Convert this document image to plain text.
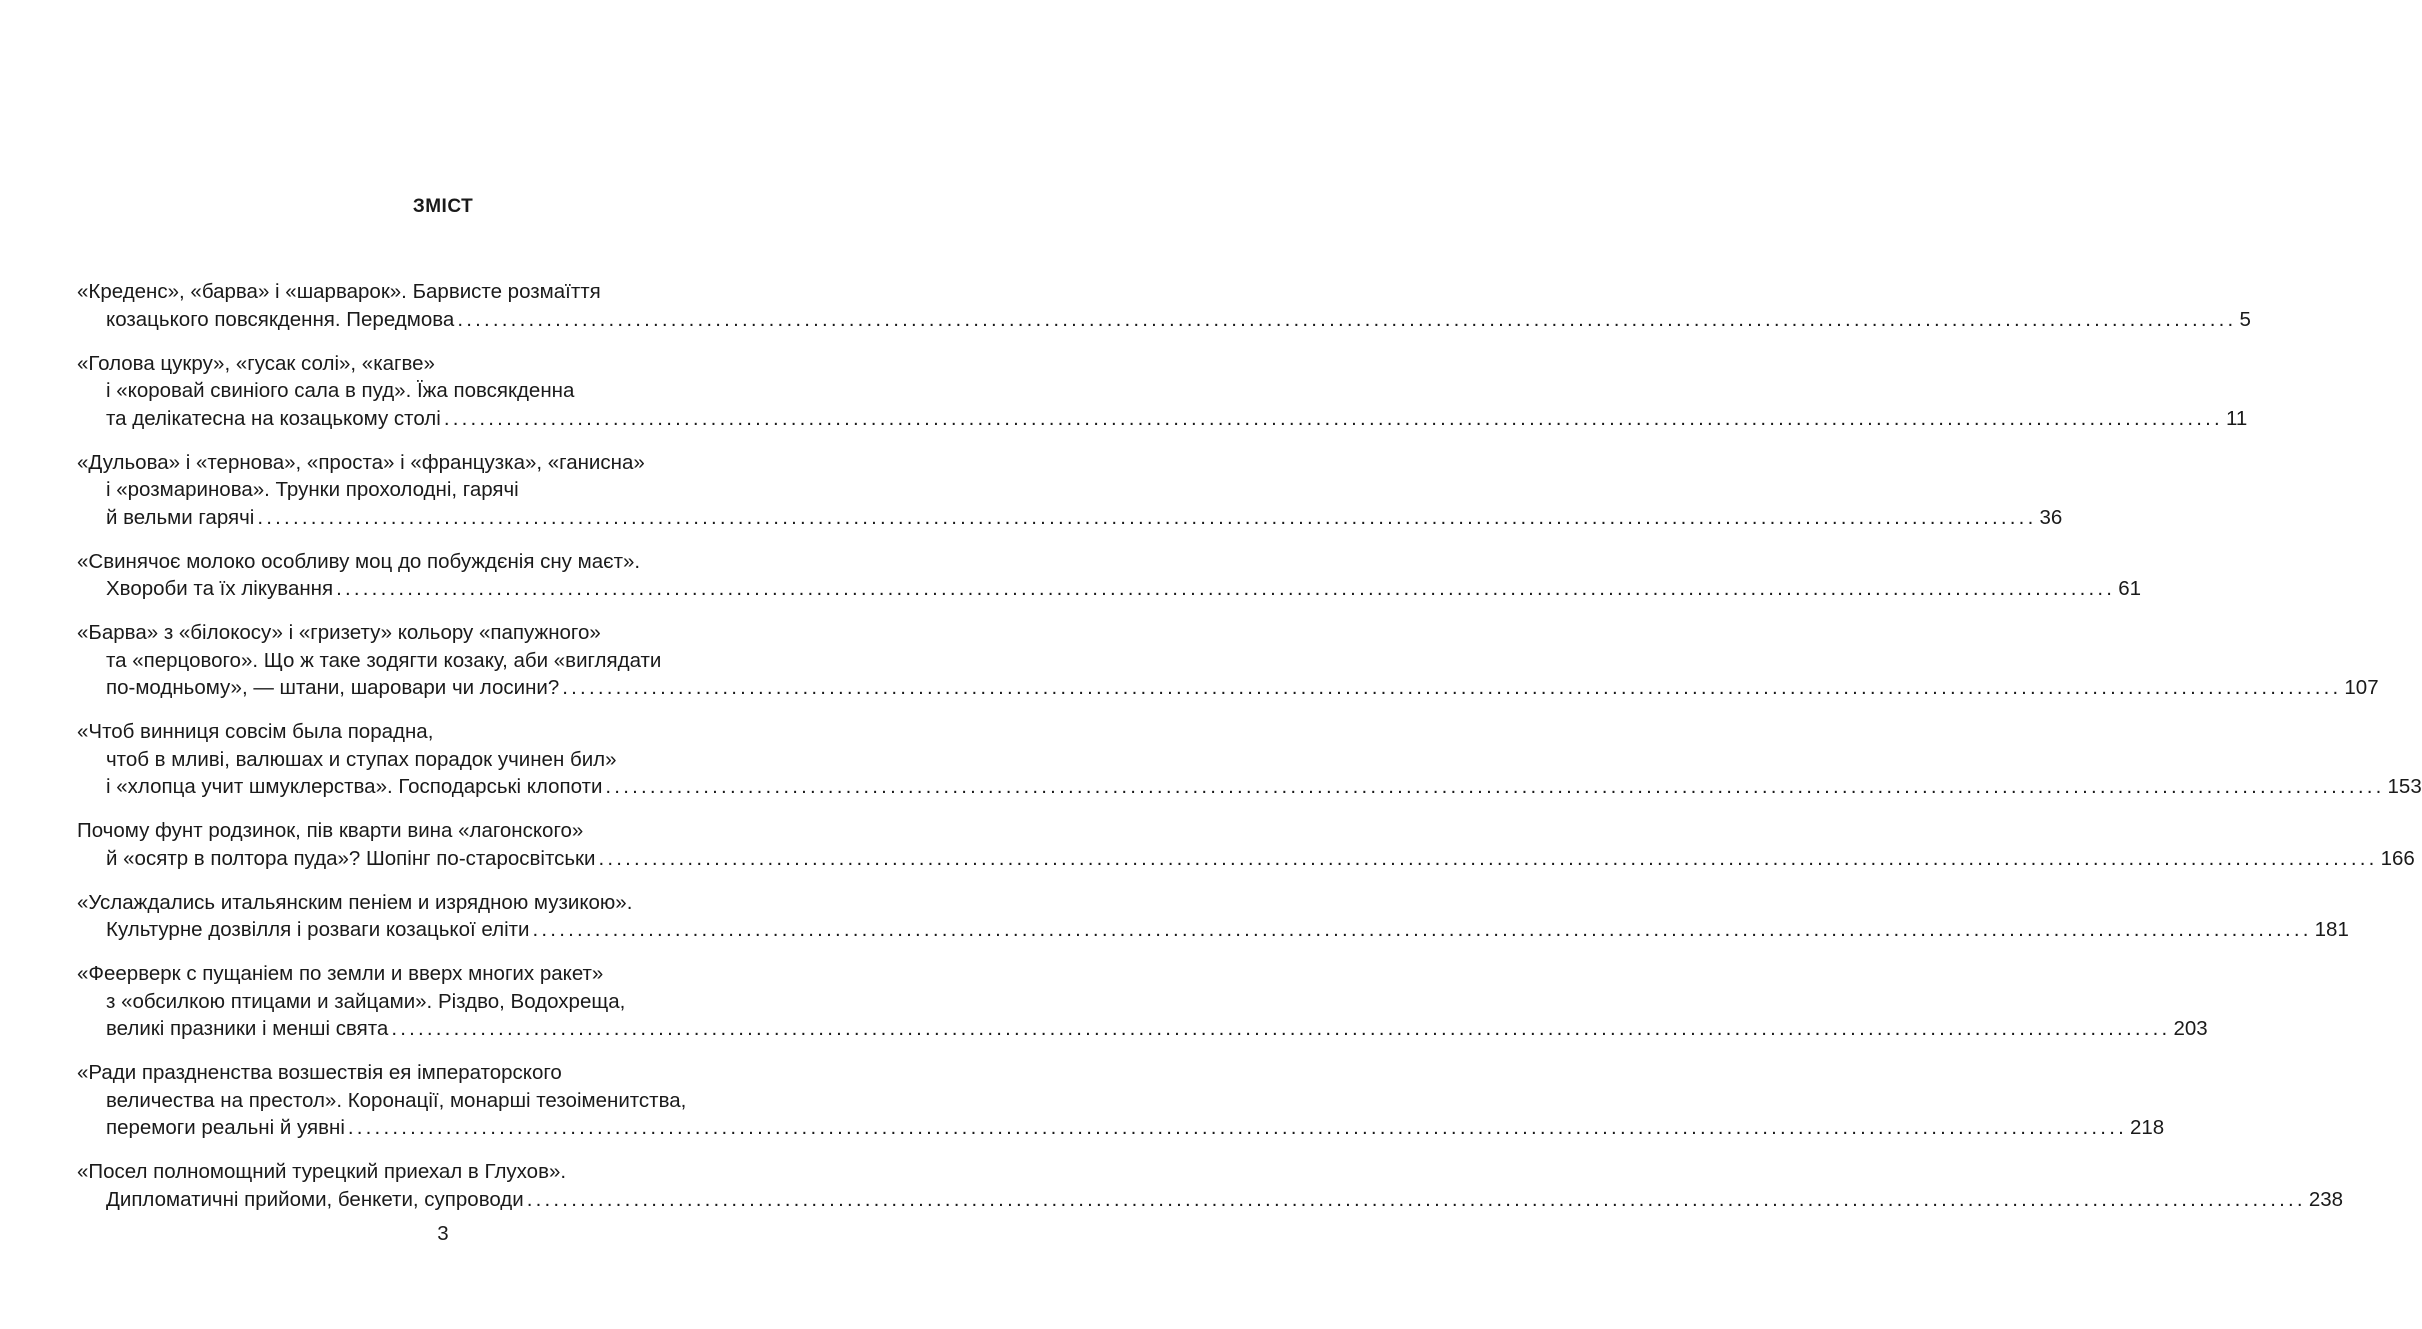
ЗМІСТ
«Креденс», «барва» і «шарварок». Барвисте розмаїття
козацького повсякдення. Передмова ........................................................................................................................................................................................................ 5
«Голова цукру», «гусак солі», «кагве»
і «коровай свиніого сала в пуд». Їжа повсякденна
та делікатесна на козацькому столі ........................................................................................................................................................................................................ 11
«Дульова» і «тернова», «проста» і «французка», «ганисна»
і «розмаринова». Трунки прохолодні, гарячі
й вельми гарячі ........................................................................................................................................................................................................ 36
«Свинячоє молоко особливу моц до побуждєнія сну маєт».
Хвороби та їх лікування ........................................................................................................................................................................................................ 61
«Барва» з «білокосу» і «гризету» кольору «папужного»
та «перцового». Що ж таке зодягти козаку, аби «виглядати
по-модньому», — штани, шаровари чи лосини? ........................................................................................................................................................................................................ 107
«Чтоб винниця совсім была порадна,
чтоб в мливі, валюшах и ступах порадок учинен бил»
і «хлопца учит шмуклерства». Господарські клопоти ........................................................................................................................................................................................................ 153
Почому фунт родзинок, пів кварти вина «лагонского»
й «осятр в полтора пуда»? Шопінг по-старосвітськи ........................................................................................................................................................................................................ 166
«Услаждались итальянским пеніем и изрядною музикою».
Культурне дозвілля і розваги козацької еліти ........................................................................................................................................................................................................ 181
«Феерверк с пущаніем по земли и вверх многих ракет»
з «обсилкою птицами и зайцами». Різдво, Водохреща,
великі празники і менші свята ........................................................................................................................................................................................................ 203
«Ради праздненства возшествія ея імператорского
величества на престол». Коронації, монарші тезоіменитства,
перемоги реальні й уявні ........................................................................................................................................................................................................ 218
«Посел полномощний турецкий приехал в Глухов».
Дипломатичні прийоми, бенкети, супроводи ........................................................................................................................................................................................................ 238
3
